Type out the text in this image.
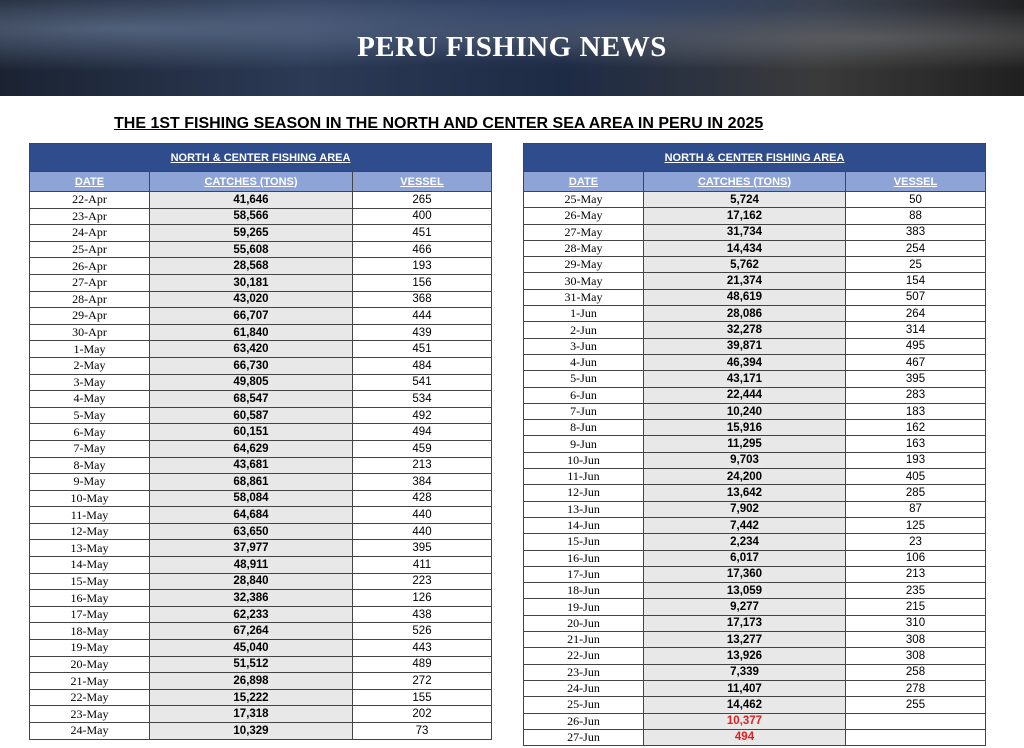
PERU FISHING NEWS
THE 1ST FISHING SEASON IN THE NORTH AND CENTER SEA AREA IN PERU IN 2025
NORTH & CENTER FISHING AREA		
DATE	CATCHES (TONS)	VESSEL
22-Apr	41,646	265
23-Apr	58,566	400
24-Apr	59,265	451
25-Apr	55,608	466
26-Apr	28,568	193
27-Apr	30,181	156
28-Apr	43,020	368
29-Apr	66,707	444
30-Apr	61,840	439
1-May	63,420	451
2-May	66,730	484
3-May	49,805	541
4-May	68,547	534
5-May	60,587	492
6-May	60,151	494
7-May	64,629	459
8-May	43,681	213
9-May	68,861	384
10-May	58,084	428
11-May	64,684	440
12-May	63,650	440
13-May	37,977	395
14-May	48,911	411
15-May	28,840	223
16-May	32,386	126
17-May	62,233	438
18-May	67,264	526
19-May	45,040	443
20-May	51,512	489
21-May	26,898	272
22-May	15,222	155
23-May	17,318	202
24-May	10,329	73
NORTH & CENTER FISHING AREA		
DATE	CATCHES (TONS)	VESSEL
25-May	5,724	50
26-May	17,162	88
27-May	31,734	383
28-May	14,434	254
29-May	5,762	25
30-May	21,374	154
31-May	48,619	507
1-Jun	28,086	264
2-Jun	32,278	314
3-Jun	39,871	495
4-Jun	46,394	467
5-Jun	43,171	395
6-Jun	22,444	283
7-Jun	10,240	183
8-Jun	15,916	162
9-Jun	11,295	163
10-Jun	9,703	193
11-Jun	24,200	405
12-Jun	13,642	285
13-Jun	7,902	87
14-Jun	7,442	125
15-Jun	2,234	23
16-Jun	6,017	106
17-Jun	17,360	213
18-Jun	13,059	235
19-Jun	9,277	215
20-Jun	17,173	310
21-Jun	13,277	308
22-Jun	13,926	308
23-Jun	7,339	258
24-Jun	11,407	278
25-Jun	14,462	255
26-Jun	10,377	
27-Jun	494	
